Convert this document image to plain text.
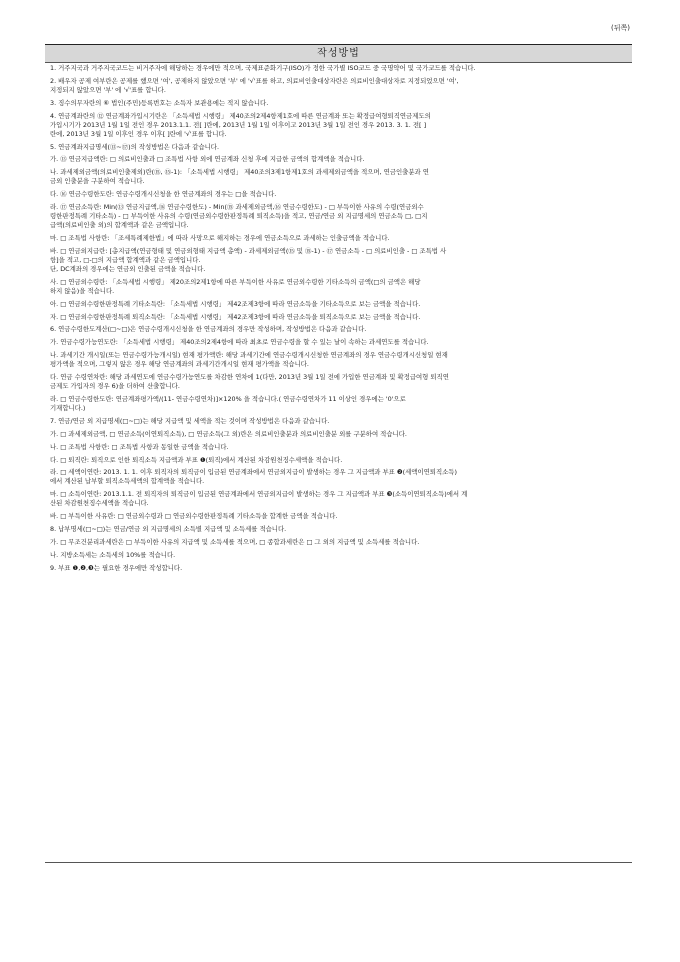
(뒤쪽)
작성방법
1. 거주지국과 거주지국코드는 비거주자에 해당하는 경우에만 적으며, 국제표준화기구(ISO)가 정한 국가별 ISO코드 중 국명약어 및 국가코드를 적습니다.
2. 배우자 공제 여부란은 공제를 했으면 '여', 공제하지 않았으면 '부' 에 '√'표를 하고, 의료비인출대상자란은 의료비인출대상자로 지정되었으면 '여',
지정되지 않았으면 '부' 에 '√'표를 합니다.
3. 징수의무자란의 ⑥ 법인(주민)등록번호는 소득자 보관용에는 적지 않습니다.
4. 연금계좌란의 ⑫ 연금계좌가입시기란은 「소득세법 시행령」 제40조의2제4항제1호에 따른 연금계좌 또는 확정급여형퇴직연금제도의
가입시기가 2013년 1월 1일 전인 경우 2013.1.1. 전[ ]란에, 2013년 1월 1일 이후이고 2013년 3월 1일 전인 경우 2013. 3. 1. 전[ ]
란에, 2013년 3월 1일 이후인 경우 이후[ ]란에 '√'표를 합니다.
5. 연금계좌지급명세(⑬~⑰)의 작성방법은 다음과 같습니다.
가. ⑬ 연금지급액란: □ 의료비인출과 □ 조특법 사항 외에 연금계좌 신청 후에 지급한 금액의 합계액을 적습니다.
나. 과세제외금액(의료비인출제외)란(⑮, ⑮-1): 「소득세법 시행령」 제40조의3제1항제1호의 과세제외금액을 적으며, 연금인출분과 연
금외 인출분을 구분하여 적습니다.
다. ⑯ 연금수령한도란: 연금수령개시신청을 한 연금계좌의 경우는 □을 적습니다.
라. ⑰ 연금소득란: Min(⑬ 연금지급액,⑯ 연금수령한도) - Min(⑮ 과세제외금액,⑯ 연금수령한도) - □ 부득이한 사유의 수령(연금외수
령한판정특례 기타소득) - □ 부득이한 사유의 수령(연금외수령한판정특례 퇴직소득)을 적고, 연금/연금 외 지급명세의 연금소득 □, □지
급액(의료비인출 외)의 합계액과 같은 금액입니다.
마. □ 조특법 사항란: 「조세특례제한법」에 따라 사망으로 해지하는 경우에 연금소득으로 과세하는 인출금액을 적습니다.
바. □ 연금외지급란: [총지급액(연금형태 및 연금외형태 지급액 총액) - 과세제외금액(⑮ 및 ⑮-1) - ⑰ 연금소득 - □ 의료비인출 - □ 조특법 사
항]을 적고, □-□의 지급액 합계액과 같은 금액입니다.
단, DC계좌의 경우에는 연금외 인출된 금액을 적습니다.
사. □ 연금외수령란: 「소득세법 시행령」 제20조의2제1항에 따른 부득이한 사유로 연금외수령한 기타소득의 금액(□의 금액은 해당
하지 않음)을 적습니다.
아. □ 연금외수령한판정특례 기타소득란: 「소득세법 시행령」 제42조제3항에 따라 연금소득을 기타소득으로 보는 금액을 적습니다.
자. □ 연금외수령한판정특례 퇴직소득란: 「소득세법 시행령」 제42조제3항에 따라 연금소득을 퇴직소득으로 보는 금액을 적습니다.
6. 연금수령한도계산(□~□)은 연금수령개시신청을 한 연금계좌의 경우만 작성하며, 작성방법은 다음과 같습니다.
가. 연금수령가능연도란: 「소득세법 시행령」 제40조의2제4항에 따라 최초로 연금수령을 할 수 있는 날이 속하는 과세연도를 적습니다.
나. 과세기간 개시일(또는 연금수령가능개시일) 현재 평가액란: 해당 과세기간에 연금수령개시신청한 연금계좌의 경우 연금수령개시신청일 현재
평가액을 적으며, 그렇지 않은 경우 해당 연금계좌의 과세기간개시일 현재 평가액을 적습니다.
다. 연금 수령연차란: 해당 과세연도에 연금수령가능연도를 차감한 연차에 1(다만, 2013년 3월 1일 전에 가입한 연금계좌 및 확정급여형 퇴직연
금제도 가입자의 경우 6)을 더하여 산출합니다.
라. □ 연금수령한도란: 연금계좌평가액/(11- 연금수령연차)]×120% 을 적습니다.( 연금수령연차가 11 이상인 경우에는 '0'으로
기재합니다.)
7. 연금/연금 외 지급명세(□~□)는 해당 지급액 및 세액을 적는 것이며 작성방법은 다음과 같습니다.
가. □ 과세제외금액, □ 연금소득(이연퇴직소득), □ 연금소득(그 외)란은 의료비인출분과 의료비인출분 외를 구분하여 적습니다.
나. □ 조특법 사항란: □ 조특법 사항과 동일한 금액을 적습니다.
다. □ 퇴직란: 퇴직으로 인한 퇴직소득 지급액과 부표 ❶(퇴직)에서 계산된 차감원천징수세액을 적습니다.
라. □ 세액이연란: 2013. 1. 1. 이후 퇴직자의 퇴직금이 입금된 연금계좌에서 연금외지급이 발생하는 경우 그 지급액과 부표 ❷(세액이연퇴직소득)
에서 계산된 납부할 퇴직소득세액의 합계액을 적습니다.
마. □ 소득이연란: 2013.1.1. 전 퇴직자의 퇴직금이 입금된 연금계좌에서 연금외지급이 발생하는 경우 그 지급액과 부표 ❸(소득이연퇴직소득)에서 계
산된 차감원천징수세액을 적습니다.
바. □ 부득이한 사유란: □ 연금외수령과 □ 연금외수령한판정특례 기타소득을 합계한 금액을 적습니다.
8. 납부명세(□~□)는 연금/연금 외 지급명세의 소득별 지급액 및 소득세를 적습니다.
가. □ 무조건분리과세란은 □ 부득이한 사유의 지급액 및 소득세를 적으며, □ 종합과세란은 □ 그 외의 지급액 및 소득세를 적습니다.
나. 지방소득세는 소득세의 10%를 적습니다.
9. 부표 ❶,❷,❸는 필요한 경우에만 작성합니다.
